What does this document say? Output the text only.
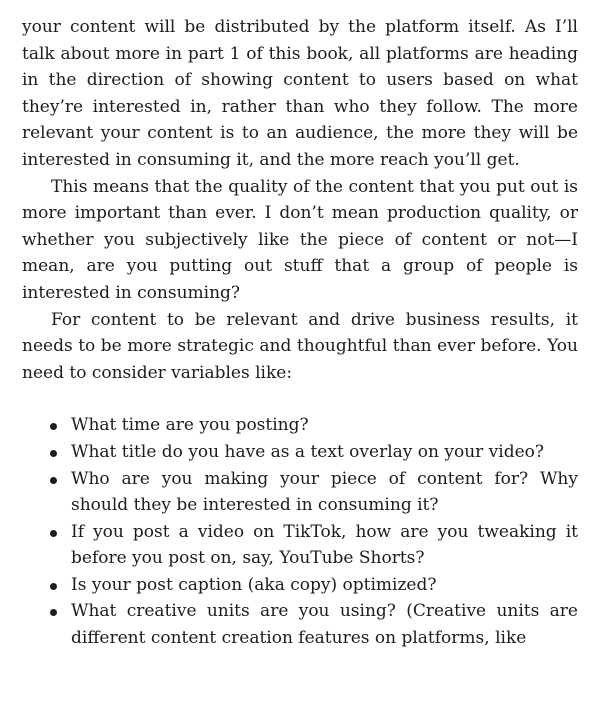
your content will be distributed by the platform itself. As I’ll talk about more in part 1 of this book, all platforms are heading in the direction of showing content to users based on what they’re interested in, rather than who they follow. The more relevant your content is to an audience, the more they will be interested in consuming it, and the more reach you’ll get.

This means that the quality of the content that you put out is more important than ever. I don’t mean production quality, or whether you subjectively like the piece of content or not—I mean, are you putting out stuff that a group of people is interested in consuming?

For content to be relevant and drive business results, it needs to be more strategic and thoughtful than ever before. You need to consider variables like:

What time are you posting?
What title do you have as a text overlay on your video?
Who are you making your piece of content for? Why should they be interested in consuming it?
If you post a video on TikTok, how are you tweaking it before you post on, say, YouTube Shorts?
Is your post caption (aka copy) optimized?
What creative units are you using? (Creative units are different content creation features on platforms, like
